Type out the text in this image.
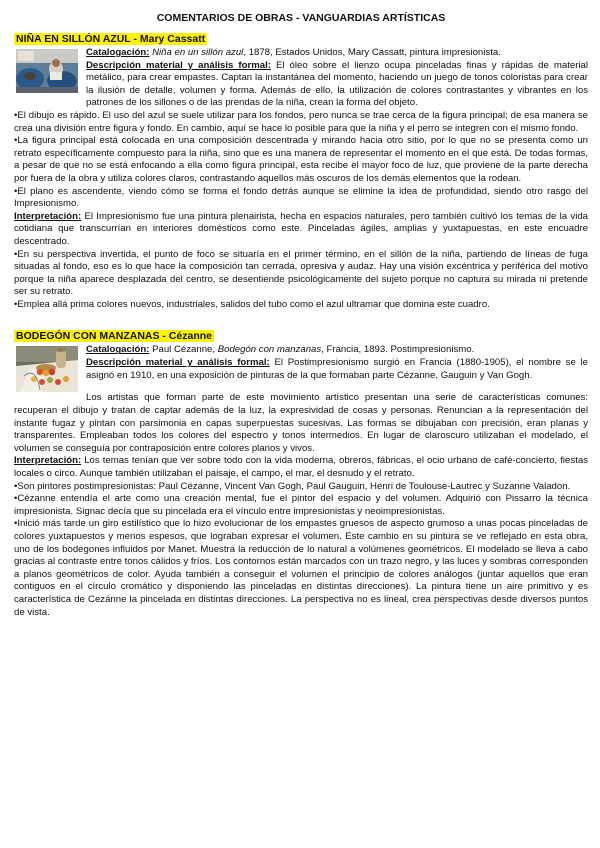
COMENTARIOS DE OBRAS - VANGUARDIAS ARTÍSTICAS
NIÑA EN SILLÓN AZUL - Mary Cassatt

Catalogación: Niña en un sillón azul, 1878, Estados Unidos, Mary Cassatt, pintura impresionista.

Descripción material y análisis formal: El óleo sobre el lienzo ocupa pinceladas finas y rápidas de material metálico, para crear empastes. Captan la instantánea del momento, haciendo un juego de tonos coloristas para crear la ilusión de detalle, volumen y forma. Además de ello, la utilización de colores contrastantes y vibrantes en los patrones de los sillones o de las prendas de la niña, crean la forma del objeto.

•El dibujo es rápido. El uso del azul se suele utilizar para los fondos, pero nunca se trae cerca de la figura principal; de esa manera se crea una división entre figura y fondo. En cambio, aquí se hace lo posible para que la niña y el perro se integren con el mismo fondo.

•La figura principal está colocada en una composición descentrada y mirando hacia otro sitio, por lo que no se presenta como un retrato específicamente compuesto para la niña, sino que es una manera de representar el momento en el que está. De todas formas, a pesar de que no se está enfocando a ella como figura principal, esta recibe el mayor foco de luz, que proviene de la parte derecha por fuera de la obra y utiliza colores claros, contrastando aquellos más oscuros de los demás elementos que la rodean.

•El plano es ascendente, viendo cómo se forma el fondo detrás aunque se elimine la idea de profundidad, siendo otro rasgo del Impresionismo.

Interpretación: El Impresionismo fue una pintura plenairista, hecha en espacios naturales, pero también cultivó los temas de la vida cotidiana que transcurrían en interiores domésticos como este. Pinceladas ágiles, amplias y yuxtapuestas, en este encuadre descentrado.

•En su perspectiva invertida, el punto de foco se situaría en el primer término, en el sillón de la niña, partiendo de líneas de fuga situadas al fondo, eso es lo que hace la composición tan cerrada, opresiva y audaz. Hay una visión excéntrica y periférica del motivo porque la niña aparece desplazada del centro, se desentiende psicológicamente del sujeto porque no captura su mirada ni pretende ser su retrato.

•Emplea allá prima colores nuevos, industriales, salidos del tubo como el azul ultramar que domina este cuadro.

BODEGÓN CON MANZANAS - Cézanne

Catalogación: Paul Cézanne, Bodegón con manzanas, Francia, 1893. Postimpresionismo.

Descripción material y análisis formal: El Postimpresionismo surgió en Francia (1880-1905), el nombre se le asignó en 1910, en una exposición de pinturas de la que formaban parte Cézanne, Gauguin y Van Gogh.

Los artistas que forman parte de este movimiento artístico presentan una serie de características comunes: recuperan el dibujo y tratan de captar además de la luz, la expresividad de cosas y personas. Renuncian a la representación del instante fugaz y pintan con parsimonia en capas superpuestas sucesivas. Las formas se dibujaban con precisión, eran planas y transparentes. Empleaban todos los colores del espectro y tonos intermedios. En lugar de claroscuro utilizaban el modelado, el volumen se conseguía por contraposición entre colores planos y vivos.

Interpretación: Los temas tenían que ver sobre todo con la vida moderna, obreros, fábricas, el ocio urbano de café-concierto, fiestas locales o circo. Aunque también utilizaban el paisaje, el campo, el mar, el desnudo y el retrato.

•Son pintores postimpresionistas: Paul Cézanne, Vincent Van Gogh, Paul Gauguin, Henri de Toulouse-Lautrec y Suzanne Valadon.

•Cézanne entendía el arte como una creación mental, fue el pintor del espacio y del volumen. Adquirió con Pissarro la técnica impresionista. Signac decía que su pincelada era el vínculo entre impresionistas y neoimpresionistas.

•Inició más tarde un giro estilístico que lo hizo evolucionar de los empastes gruesos de aspecto grumoso a unas pocas pinceladas de colores yuxtapuestos y menos espesos, que lograban expresar el volumen. Este cambio en su pintura se ve reflejado en esta obra, uno de los bodegones influidos por Manet. Muestra la reducción de lo natural a volúmenes geométricos. El modelado se lleva a cabo gracias al contraste entre tonos cálidos y fríos. Los contornos están marcados con un trazo negro, y las luces y sombras corresponden a planos geométricos de color. Ayuda también a conseguir el volumen el principio de colores análogos (juntar aquellos que eran contiguos en el círculo cromático y disponiendo las pinceladas en distintas direcciones). La pintura tiene un aire primitivo y es característica de Cezánne la pincelada en distintas direcciones. La perspectiva no es lineal, crea perspectivas desde diversos puntos de vista.
